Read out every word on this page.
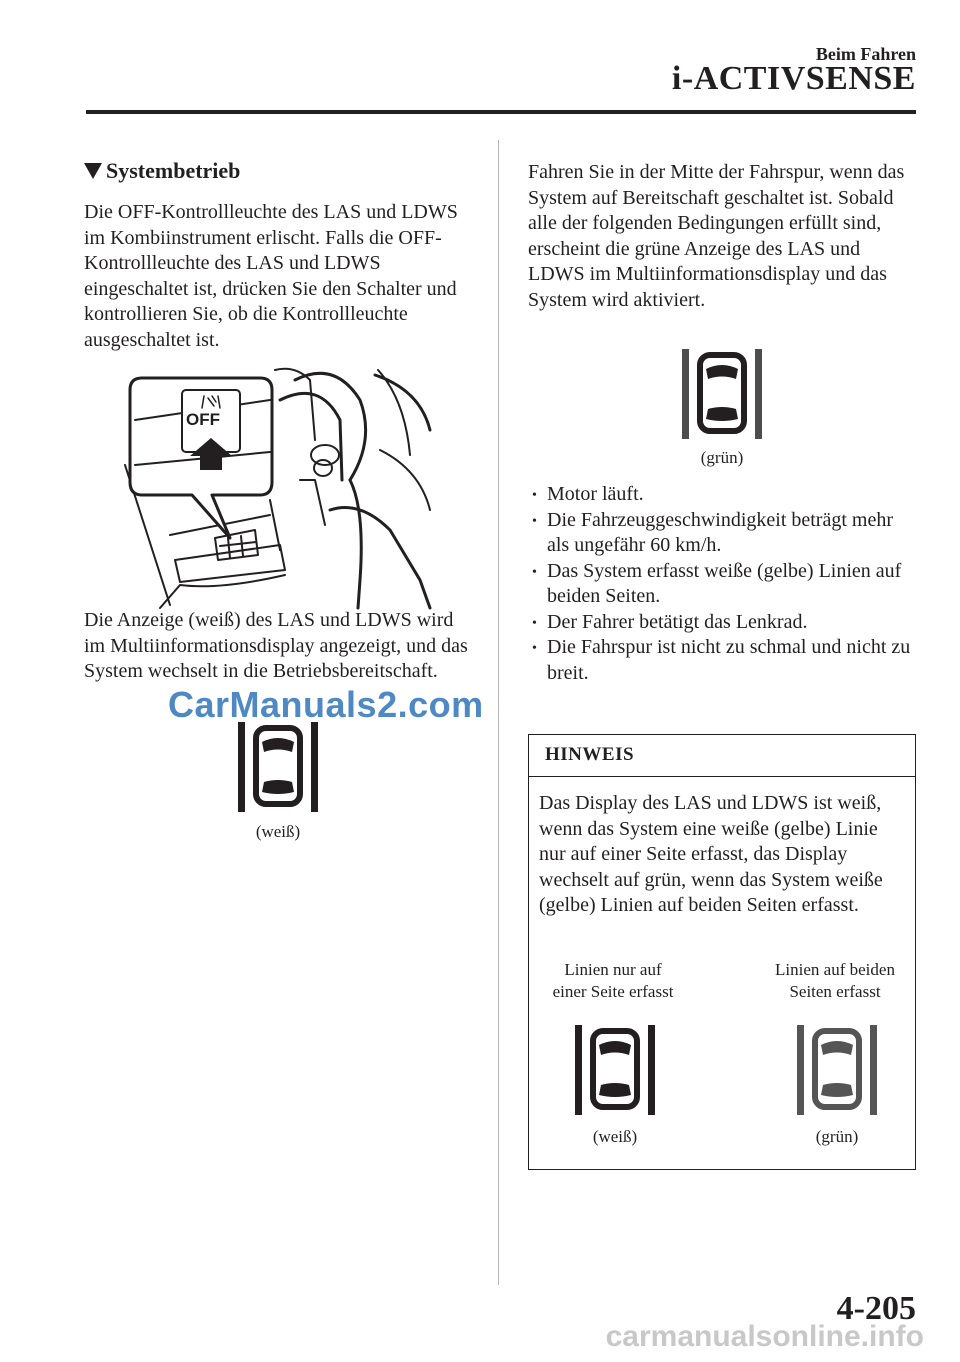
Beim Fahren
i-ACTIVSENSE
Systembetrieb
Die OFF-Kontrollleuchte des LAS und LDWS im Kombiinstrument erlischt. Falls die OFF-Kontrollleuchte des LAS und LDWS eingeschaltet ist, drücken Sie den Schalter und kontrollieren Sie, ob die Kontrollleuchte ausgeschaltet ist.
OFF
Die Anzeige (weiß) des LAS und LDWS wird im Multiinformationsdisplay angezeigt, und das System wechselt in die Betriebsbereitschaft.
(weiß)
Fahren Sie in der Mitte der Fahrspur, wenn das System auf Bereitschaft geschaltet ist. Sobald alle der folgenden Bedingungen erfüllt sind, erscheint die grüne Anzeige des LAS und LDWS im Multiinformationsdisplay und das System wird aktiviert.
(grün)
• Motor läuft.
• Die Fahrzeuggeschwindigkeit beträgt mehr als ungefähr 60 km/h.
• Das System erfasst weiße (gelbe) Linien auf beiden Seiten.
• Der Fahrer betätigt das Lenkrad.
• Die Fahrspur ist nicht zu schmal und nicht zu breit.
HINWEIS
Das Display des LAS und LDWS ist weiß, wenn das System eine weiße (gelbe) Linie nur auf einer Seite erfasst, das Display wechselt auf grün, wenn das System weiße (gelbe) Linien auf beiden Seiten erfasst.
Linien nur auf
einer Seite erfasst
Linien auf beiden
Seiten erfasst
(weiß)	(grün)
CarManuals2.com
4-205
carmanualsonline.info
